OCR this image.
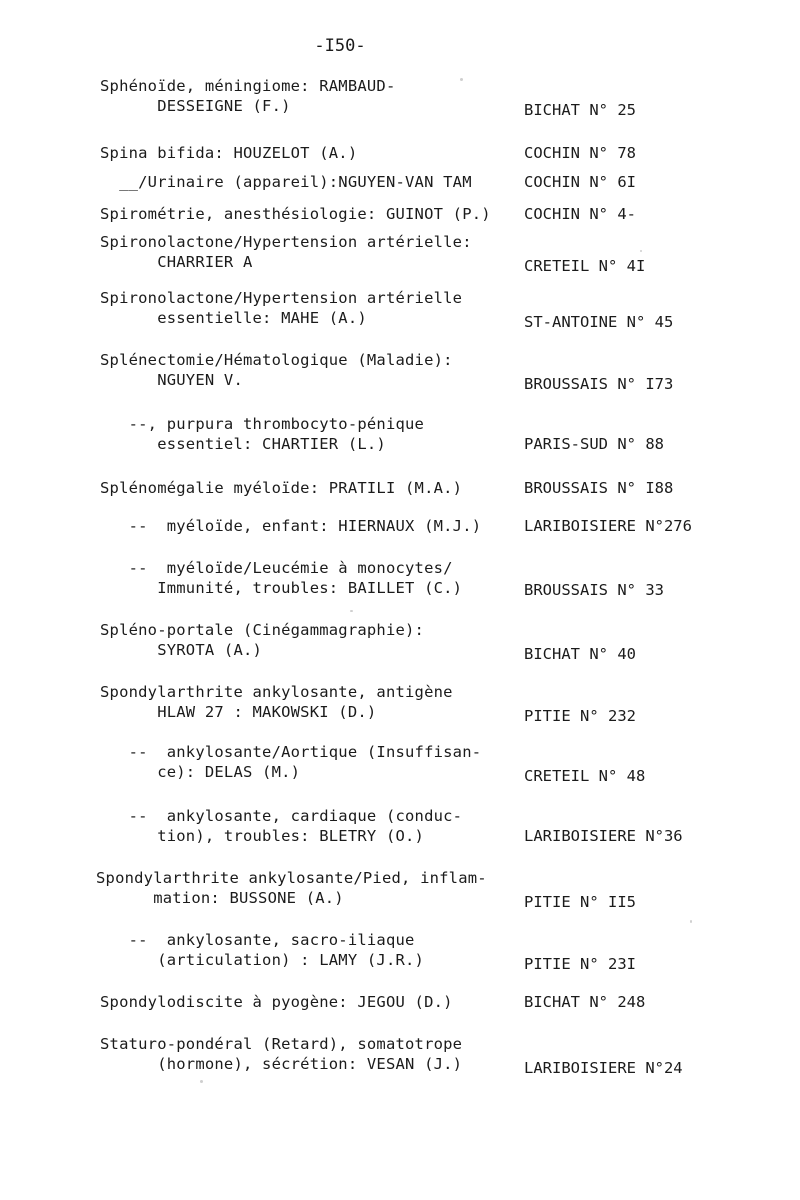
-I50-
Sphénoïde, méningiome: RAMBAUD-
DESSEIGNE (F.)	BICHAT N° 25
Spina bifida: HOUZELOT (A.)	COCHIN N° 78
__/Urinaire (appareil):NGUYEN-VAN TAM	COCHIN N° 6I
Spirométrie, anesthésiologie: GUINOT (P.) COCHIN N° 4-
Spironolactone/Hypertension artérielle:
CHARRIER A	CRETEIL N° 4I
Spironolactone/Hypertension artérielle
essentielle: MAHE (A.)	ST-ANTOINE N° 45
Splénectomie/Hématologique (Maladie):
NGUYEN V.	BROUSSAIS N° I73
--, purpura thrombocyto-pénique
essentiel: CHARTIER (L.)	PARIS-SUD N° 88
Splénomégalie myéloïde: PRATILI (M.A.)	BROUSSAIS N° I88
--  myéloïde, enfant: HIERNAUX (M.J.)	LARIBOISIERE N°276
--  myéloïde/Leucémie à monocytes/
Immunité, troubles: BAILLET (C.)	BROUSSAIS N° 33
Spléno-portale (Cinégammagraphie):
SYROTA (A.)	BICHAT N° 40
Spondylarthrite ankylosante, antigène
HLAW 27 : MAKOWSKI (D.)	PITIE N° 232
--  ankylosante/Aortique (Insuffisan-
ce): DELAS (M.)	CRETEIL N° 48
--  ankylosante, cardiaque (conduc-
tion), troubles: BLETRY (O.)	LARIBOISIERE N°36
Spondylarthrite ankylosante/Pied, inflam-
mation: BUSSONE (A.)	PITIE N° II5
--  ankylosante, sacro-iliaque
(articulation) : LAMY (J.R.)	PITIE N° 23I
Spondylodiscite à pyogène: JEGOU (D.)	BICHAT N° 248
Staturo-pondéral (Retard), somatotrope
(hormone), sécrétion: VESAN (J.)	LARIBOISIERE N°24
